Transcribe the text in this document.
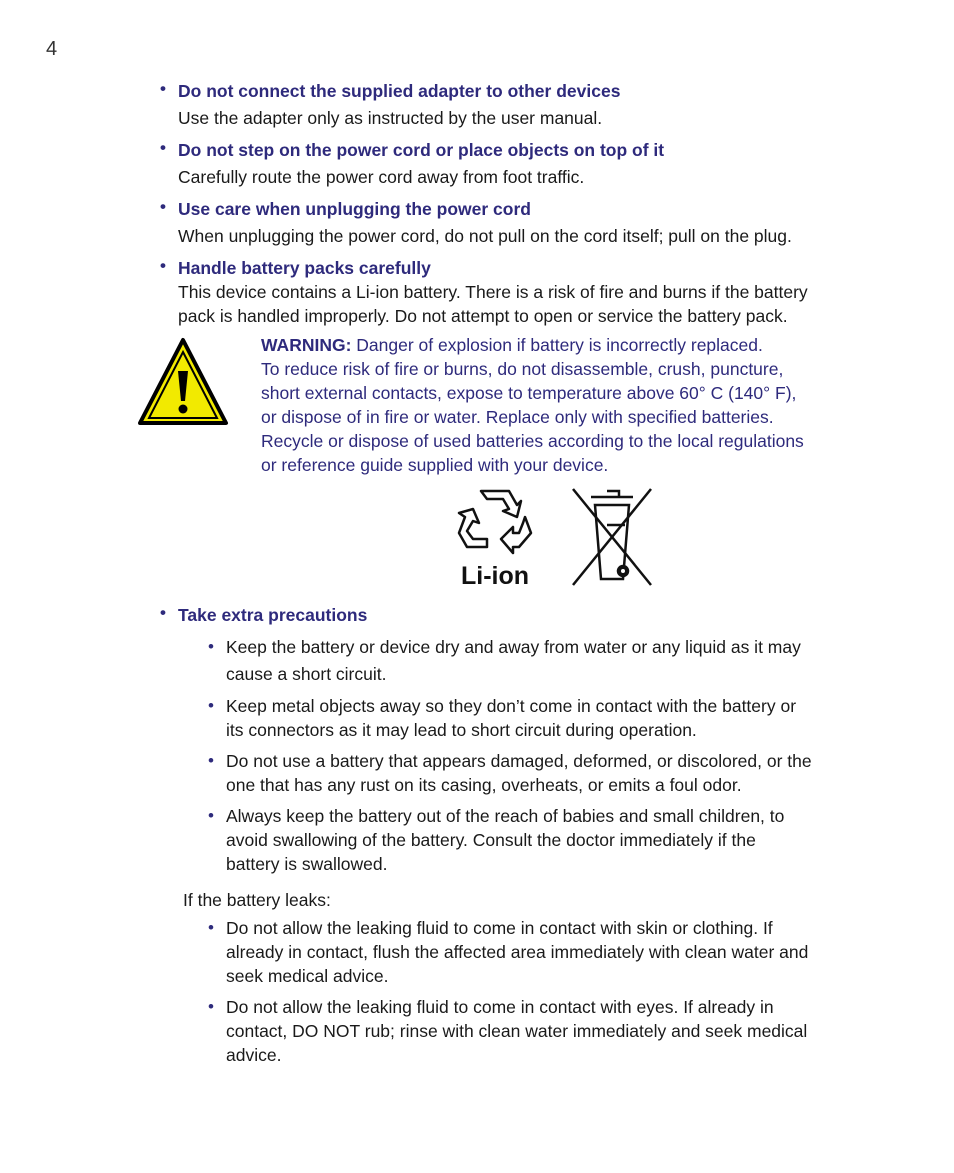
4
• Do not connect the supplied adapter to other devices
Use the adapter only as instructed by the user manual.
• Do not step on the power cord or place objects on top of it
Carefully route the power cord away from foot traffic.
• Use care when unplugging the power cord
When unplugging the power cord, do not pull on the cord itself; pull on the plug.
• Handle battery packs carefully
This device contains a Li-ion battery. There is a risk of fire and burns if the battery
pack is handled improperly. Do not attempt to open or service the battery pack.
WARNING: Danger of explosion if battery is incorrectly replaced.
To reduce risk of fire or burns, do not disassemble, crush, puncture,
short external contacts, expose to temperature above 60° C (140° F),
or dispose of in fire or water. Replace only with specified batteries.
Recycle or dispose of used batteries according to the local regulations
or reference guide supplied with your device.
Li-ion
• Take extra precautions
• Keep the battery or device dry and away from water or any liquid as it may
cause a short circuit.
• Keep metal objects away so they don’t come in contact with the battery or
its connectors as it may lead to short circuit during operation.
• Do not use a battery that appears damaged, deformed, or discolored, or the
one that has any rust on its casing, overheats, or emits a foul odor.
• Always keep the battery out of the reach of babies and small children, to
avoid swallowing of the battery. Consult the doctor immediately if the
battery is swallowed.
If the battery leaks:
• Do not allow the leaking fluid to come in contact with skin or clothing. If
already in contact, flush the affected area immediately with clean water and
seek medical advice.
• Do not allow the leaking fluid to come in contact with eyes. If already in
contact, DO NOT rub; rinse with clean water immediately and seek medical
advice.
